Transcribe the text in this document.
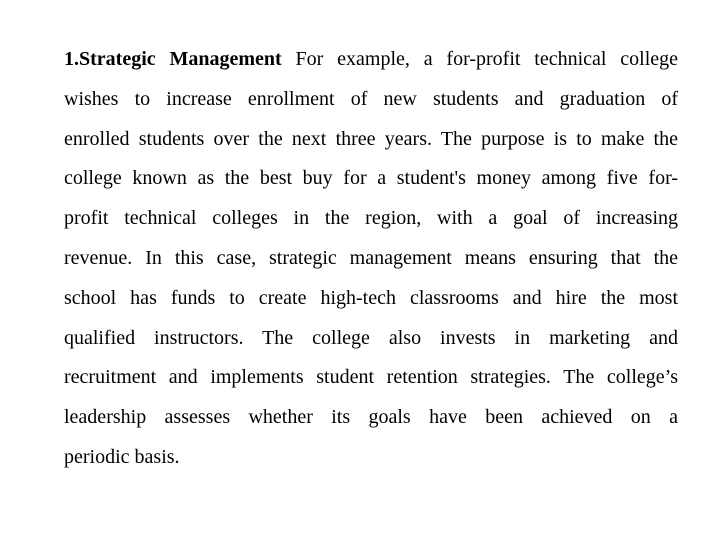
1.Strategic Management For example, a for-profit technical college
wishes to increase enrollment of new students and graduation of
enrolled students over the next three years. The purpose is to make the
college known as the best buy for a student's money among five for-
profit technical colleges in the region, with a goal of increasing
revenue. In this case, strategic management means ensuring that the
school has funds to create high-tech classrooms and hire the most
qualified instructors. The college also invests in marketing and
recruitment and implements student retention strategies. The college’s
leadership assesses whether its goals have been achieved on a
periodic basis.
